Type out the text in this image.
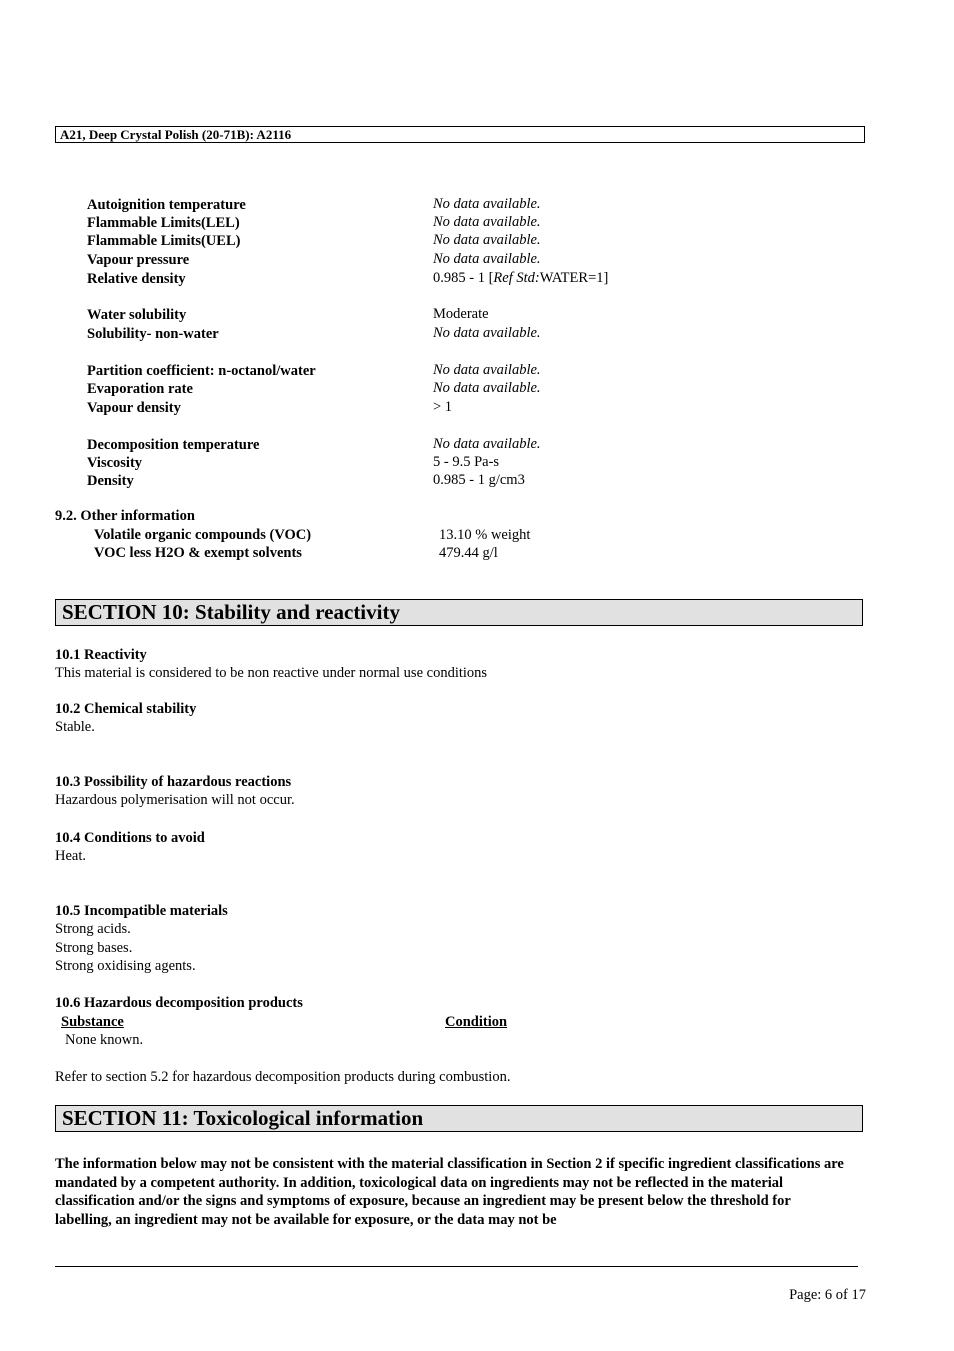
A21, Deep Crystal Polish (20-71B): A2116
Autoignition temperature	No data available.
Flammable Limits(LEL)	No data available.
Flammable Limits(UEL)	No data available.
Vapour pressure	No data available.
Relative density	0.985 - 1 [Ref Std:WATER=1]
Water solubility	Moderate
Solubility- non-water	No data available.
Partition coefficient: n-octanol/water	No data available.
Evaporation rate	No data available.
Vapour density	> 1
Decomposition temperature	No data available.
Viscosity	5 - 9.5 Pa-s
Density	0.985 - 1 g/cm3
9.2. Other information
Volatile organic compounds (VOC)	13.10 % weight
VOC less H2O & exempt solvents	479.44 g/l
SECTION 10: Stability and reactivity
10.1 Reactivity
This material is considered to be non reactive under normal use conditions
10.2 Chemical stability
Stable.
10.3 Possibility of hazardous reactions
Hazardous polymerisation will not occur.
10.4 Conditions to avoid
Heat.
10.5 Incompatible materials
Strong acids.
Strong bases.
Strong oxidising agents.
10.6 Hazardous decomposition products
Substance	Condition
None known.
Refer to section 5.2 for hazardous decomposition products during combustion.
SECTION 11: Toxicological information
The information below may not be consistent with the material classification in Section 2 if specific ingredient classifications are mandated by a competent authority. In addition, toxicological data on ingredients may not be reflected in the material classification and/or the signs and symptoms of exposure, because an ingredient may be present below the threshold for labelling, an ingredient may not be available for exposure, or the data may not be
Page: 6 of 17
